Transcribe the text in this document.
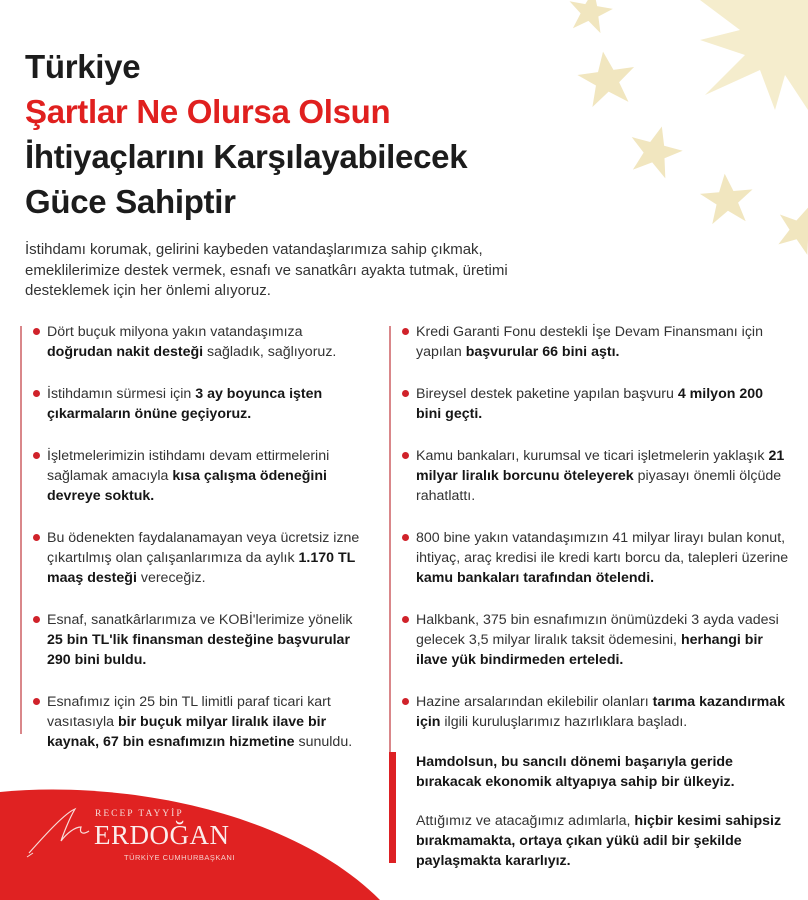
Türkiye
Şartlar Ne Olursa Olsun
İhtiyaçlarını Karşılayabilecek
Güce Sahiptir
İstihdamı korumak, gelirini kaybeden vatandaşlarımıza sahip çıkmak, emeklilerimize destek vermek, esnafı ve sanatkârı ayakta tutmak, üretimi desteklemek için her önlemi alıyoruz.
Dört buçuk milyona yakın vatandaşımıza doğrudan nakit desteği sağladık, sağlıyoruz.
İstihdamın sürmesi için 3 ay boyunca işten çıkarmaların önüne geçiyoruz.
İşletmelerimizin istihdamı devam ettirmelerini sağlamak amacıyla kısa çalışma ödeneğini devreye soktuk.
Bu ödenekten faydalanamayan veya ücretsiz izne çıkartılmış olan çalışanlarımıza da aylık 1.170 TL maaş desteği vereceğiz.
Esnaf, sanatkârlarımıza ve KOBİ'lerimize yönelik 25 bin TL'lik finansman desteğine başvurular 290 bini buldu.
Esnafımız için 25 bin TL limitli paraf ticari kart vasıtasıyla bir buçuk milyar liralık ilave bir kaynak, 67 bin esnafımızın hizmetine sunuldu.
Kredi Garanti Fonu destekli İşe Devam Finansmanı için yapılan başvurular 66 bini aştı.
Bireysel destek paketine yapılan başvuru 4 milyon 200 bini geçti.
Kamu bankaları, kurumsal ve ticari işletmelerin yaklaşık 21 milyar liralık borcunu öteleyerek piyasayı önemli ölçüde rahatlattı.
800 bine yakın vatandaşımızın 41 milyar lirayı bulan konut, ihtiyaç, araç kredisi ile kredi kartı borcu da, talepleri üzerine kamu bankaları tarafından ötelendi.
Halkbank, 375 bin esnafımızın önümüzdeki 3 ayda vadesi gelecek 3,5 milyar liralık taksit ödemesini, herhangi bir ilave yük bindirmeden erteledi.
Hazine arsalarından ekilebilir olanları tarıma kazandırmak için ilgili kuruluşlarımız hazırlıklara başladı.

Hamdolsun, bu sancılı dönemi başarıyla geride bırakacak ekonomik altyapıya sahip bir ülkeyiz.

Attığımız ve atacağımız adımlarla, hiçbir kesimi sahipsiz bırakmamakta, ortaya çıkan yükü adil bir şekilde paylaşmakta kararlıyız.

RECEP TAYYİP
ERDOĞAN
TÜRKİYE CUMHURBAŞKANI
